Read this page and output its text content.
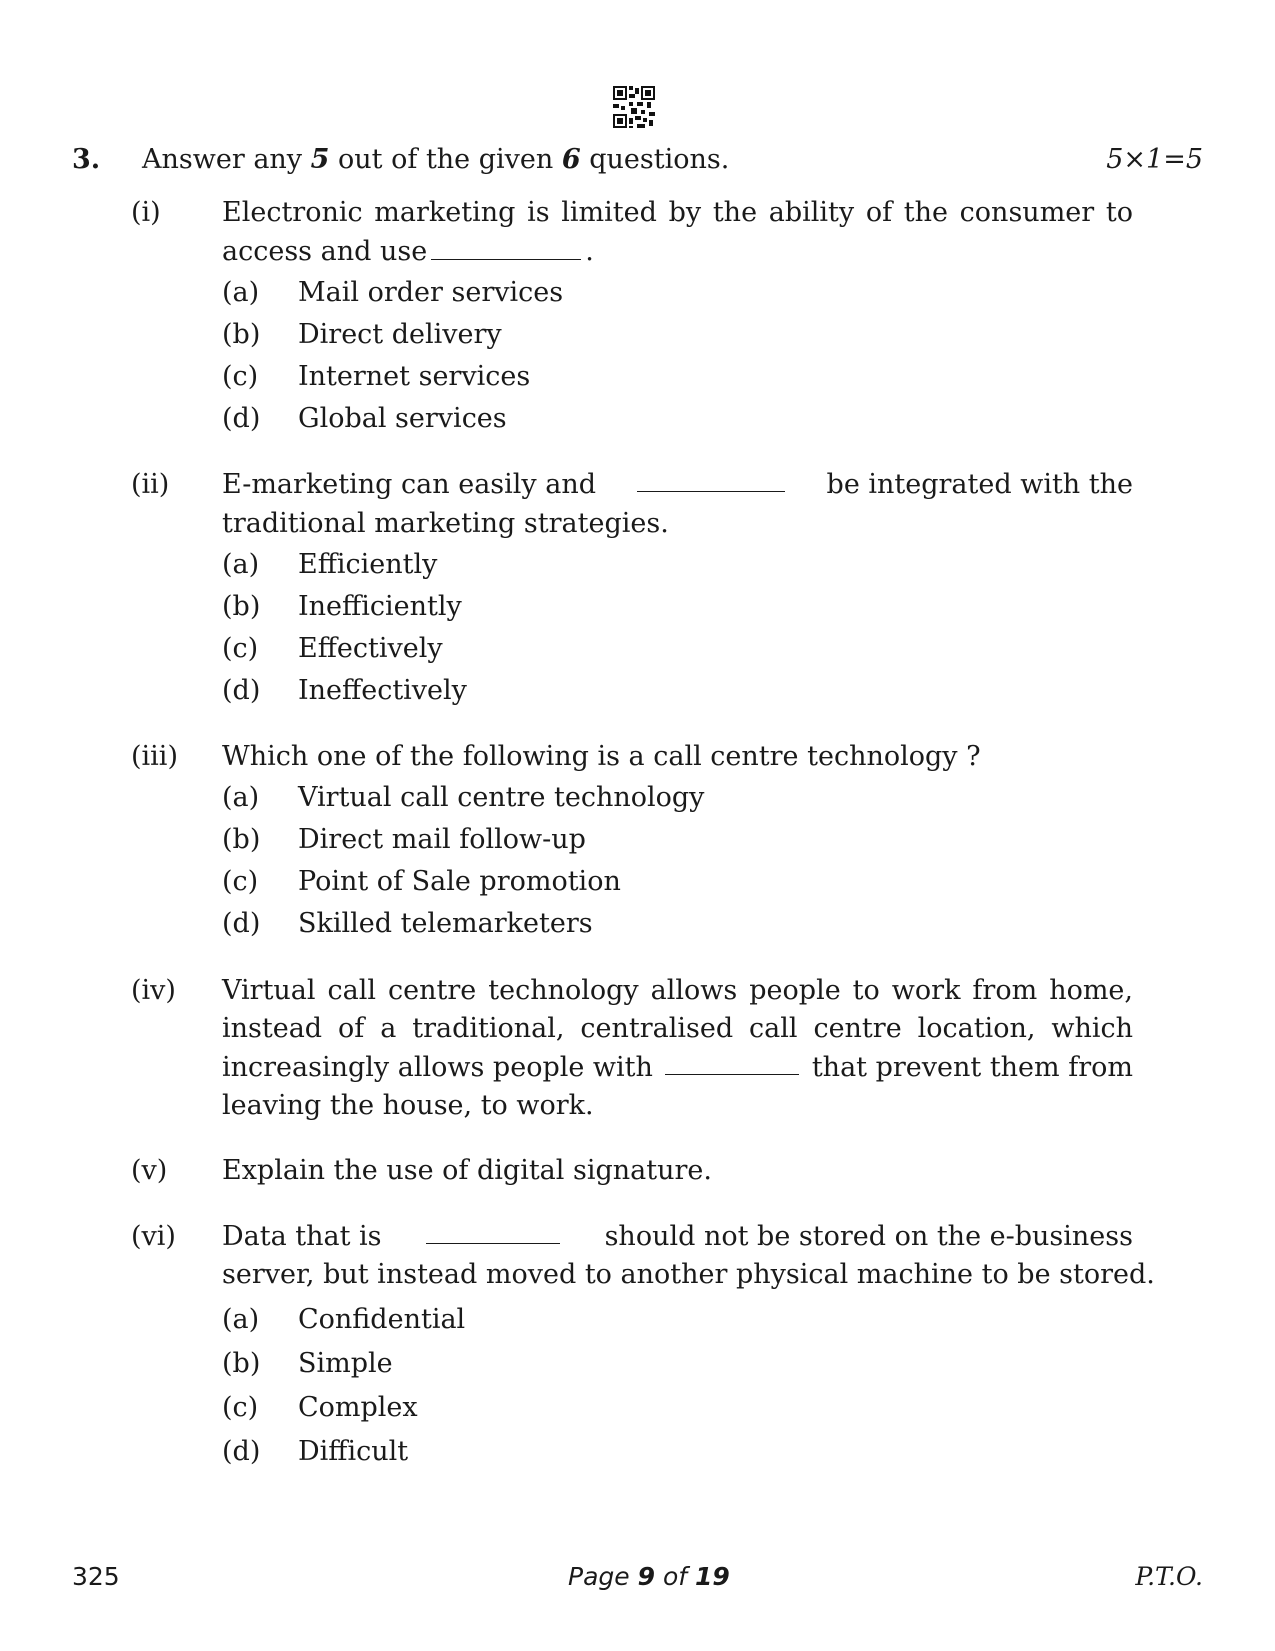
3. Answer any 5 out of the given 6 questions.	5×1=5
(i) Electronic marketing is limited by the ability of the consumer to
access and use	.
(a) Mail order services
(b) Direct delivery
(c) Internet services
(d) Global services
(ii) E-marketing can easily and	be integrated with the
traditional marketing strategies.
(a) Efficiently
(b) Inefficiently
(c) Effectively
(d) Ineffectively
(iii) Which one of the following is a call centre technology ?
(a) Virtual call centre technology
(b) Direct mail follow-up
(c) Point of Sale promotion
(d) Skilled telemarketers
(iv) Virtual call centre technology allows people to work from home,
instead of a traditional, centralised call centre location, which
increasingly allows people with	that prevent them from
leaving the house, to work.
(v) Explain the use of digital signature.
(vi) Data that is	should not be stored on the e-business
server, but instead moved to another physical machine to be stored.
(a) Confidential
(b) Simple
(c) Complex
(d) Difficult
325	Page 9 of 19	P.T.O.
